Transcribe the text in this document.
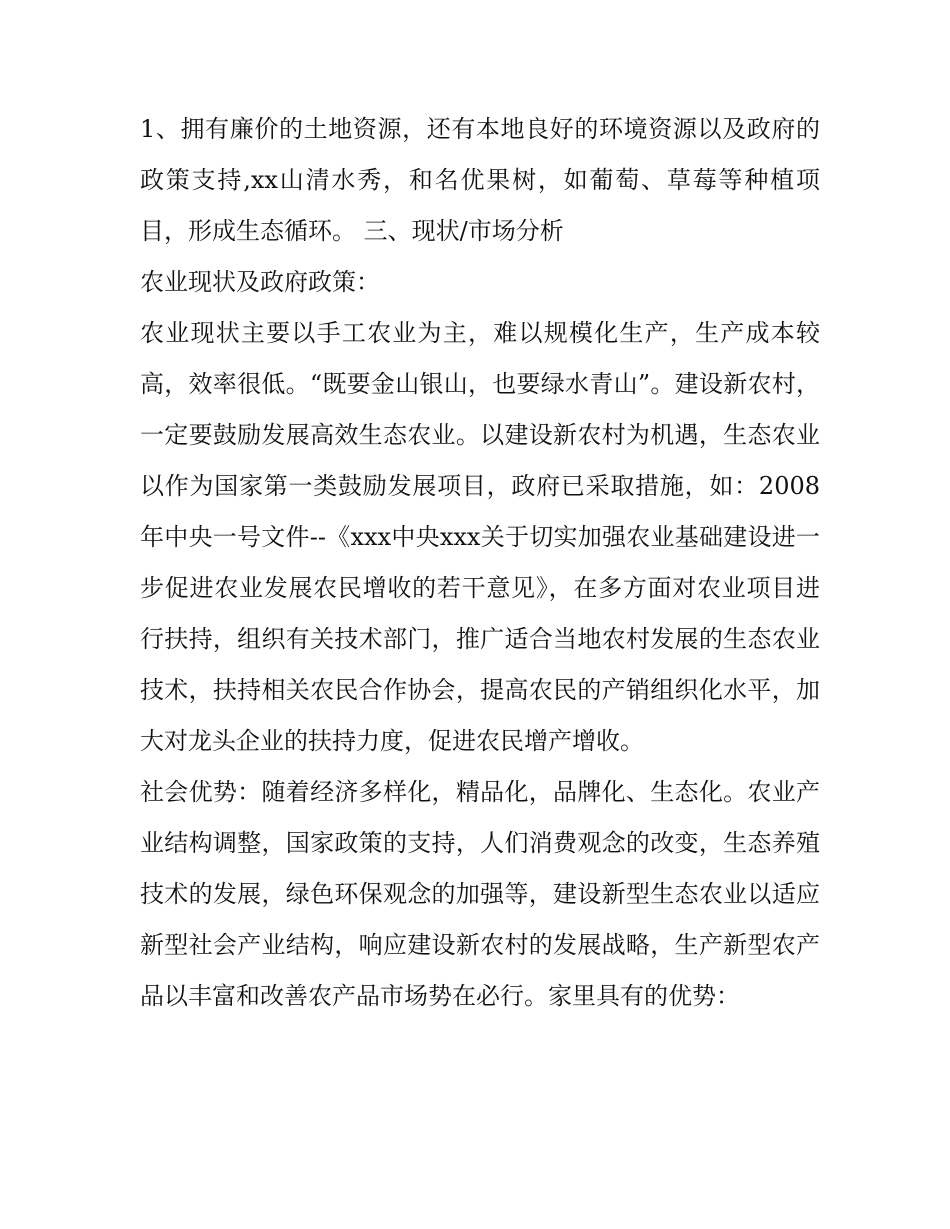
1、拥有廉价的土地资源，还有本地良好的环境资源以及政府的政策支持,xx山清水秀，和名优果树，如葡萄、草莓等种植项目，形成生态循环。 三、现状/市场分析

农业现状及政府政策：

农业现状主要以手工农业为主，难以规模化生产，生产成本较高，效率很低。“既要金山银山，也要绿水青山”。建设新农村，一定要鼓励发展高效生态农业。以建设新农村为机遇，生态农业以作为国家第一类鼓励发展项目，政府已采取措施，如：2008年中央一号文件--《xxx中央xxx关于切实加强农业基础建设进一步促进农业发展农民增收的若干意见》，在多方面对农业项目进行扶持，组织有关技术部门，推广适合当地农村发展的生态农业技术，扶持相关农民合作协会，提高农民的产销组织化水平，加大对龙头企业的扶持力度，促进农民增产增收。

社会优势：随着经济多样化，精品化，品牌化、生态化。农业产业结构调整，国家政策的支持，人们消费观念的改变，生态养殖技术的发展，绿色环保观念的加强等，建设新型生态农业以适应新型社会产业结构，响应建设新农村的发展战略，生产新型农产品以丰富和改善农产品市场势在必行。家里具有的优势：
